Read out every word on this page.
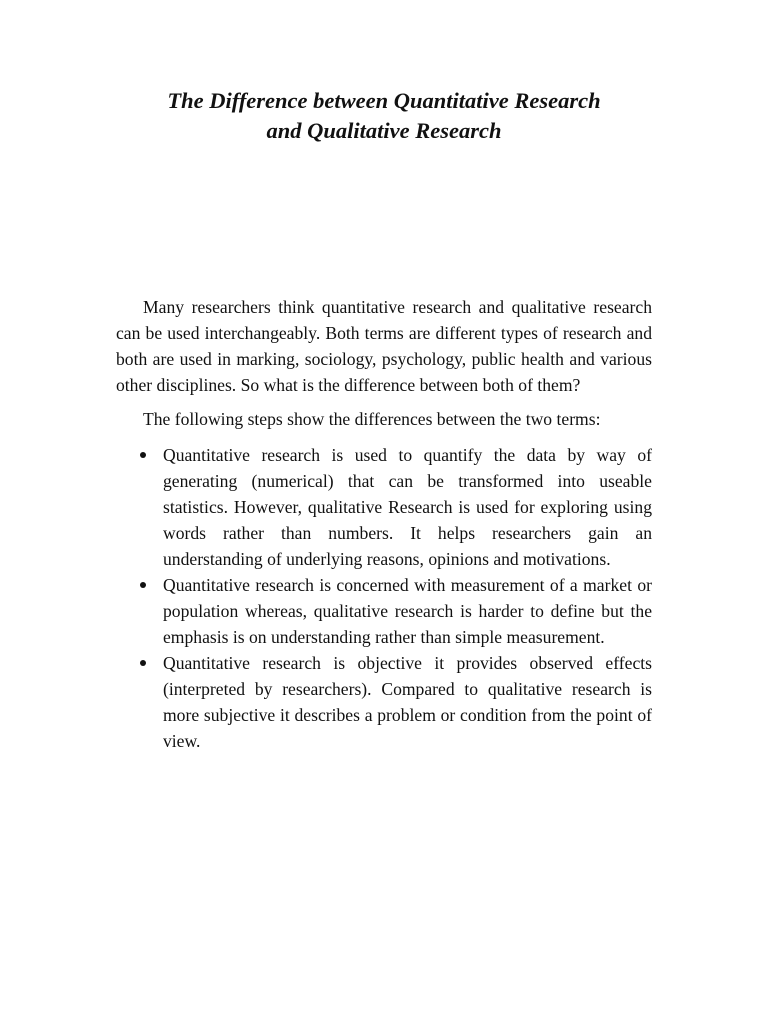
The Difference between Quantitative Research
and Qualitative Research

Many researchers think quantitative research and qualitative research can be used interchangeably. Both terms are different types of research and both are used in marking, sociology, psychology, public health and various other disciplines. So what is the difference between both of them?

The following steps show the differences between the two terms:

Quantitative research is used to quantify the data by way of generating (numerical) that can be transformed into useable statistics. However, qualitative Research is used for exploring using words rather than numbers. It helps researchers gain an understanding of underlying reasons, opinions and motivations.
Quantitative research is concerned with measurement of a market or population whereas, qualitative research is harder to define but the emphasis is on understanding rather than simple measurement.
Quantitative research is objective it provides observed effects (interpreted by researchers). Compared to qualitative research is more subjective it describes a problem or condition from the point of view.
